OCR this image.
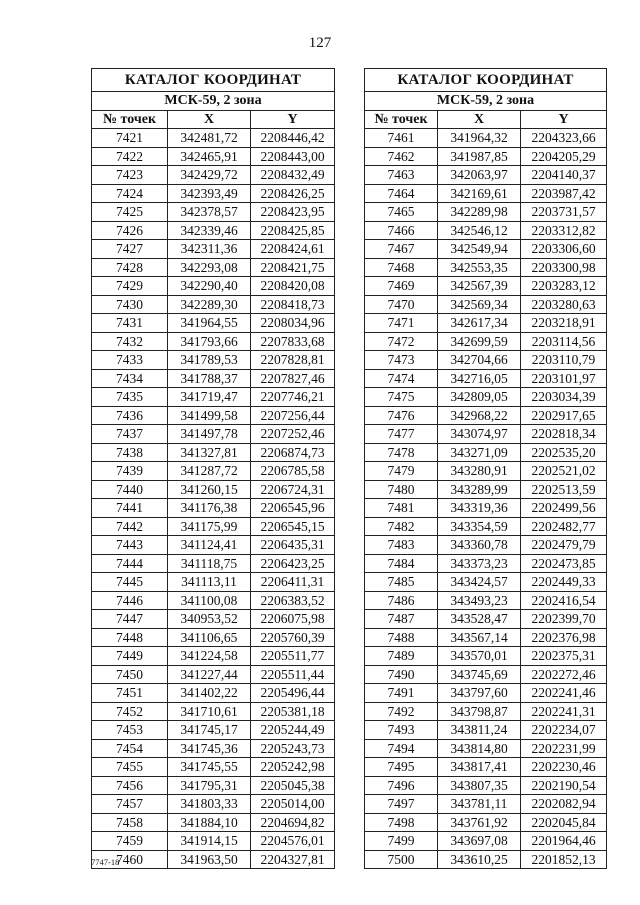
127
КАТАЛОГ КООРДИНАТ		
МСК-59, 2 зона		
№ точек	X	Y
7421	342481,72	2208446,42
7422	342465,91	2208443,00
7423	342429,72	2208432,49
7424	342393,49	2208426,25
7425	342378,57	2208423,95
7426	342339,46	2208425,85
7427	342311,36	2208424,61
7428	342293,08	2208421,75
7429	342290,40	2208420,08
7430	342289,30	2208418,73
7431	341964,55	2208034,96
7432	341793,66	2207833,68
7433	341789,53	2207828,81
7434	341788,37	2207827,46
7435	341719,47	2207746,21
7436	341499,58	2207256,44
7437	341497,78	2207252,46
7438	341327,81	2206874,73
7439	341287,72	2206785,58
7440	341260,15	2206724,31
7441	341176,38	2206545,96
7442	341175,99	2206545,15
7443	341124,41	2206435,31
7444	341118,75	2206423,25
7445	341113,11	2206411,31
7446	341100,08	2206383,52
7447	340953,52	2206075,98
7448	341106,65	2205760,39
7449	341224,58	2205511,77
7450	341227,44	2205511,44
7451	341402,22	2205496,44
7452	341710,61	2205381,18
7453	341745,17	2205244,49
7454	341745,36	2205243,73
7455	341745,55	2205242,98
7456	341795,31	2205045,38
7457	341803,33	2205014,00
7458	341884,10	2204694,82
7459	341914,15	2204576,01
7460	341963,50	2204327,81
КАТАЛОГ КООРДИНАТ		
МСК-59, 2 зона		
№ точек	X	Y
7461	341964,32	2204323,66
7462	341987,85	2204205,29
7463	342063,97	2204140,37
7464	342169,61	2203987,42
7465	342289,98	2203731,57
7466	342546,12	2203312,82
7467	342549,94	2203306,60
7468	342553,35	2203300,98
7469	342567,39	2203283,12
7470	342569,34	2203280,63
7471	342617,34	2203218,91
7472	342699,59	2203114,56
7473	342704,66	2203110,79
7474	342716,05	2203101,97
7475	342809,05	2203034,39
7476	342968,22	2202917,65
7477	343074,97	2202818,34
7478	343271,09	2202535,20
7479	343280,91	2202521,02
7480	343289,99	2202513,59
7481	343319,36	2202499,56
7482	343354,59	2202482,77
7483	343360,78	2202479,79
7484	343373,23	2202473,85
7485	343424,57	2202449,33
7486	343493,23	2202416,54
7487	343528,47	2202399,70
7488	343567,14	2202376,98
7489	343570,01	2202375,31
7490	343745,69	2202272,46
7491	343797,60	2202241,46
7492	343798,87	2202241,31
7493	343811,24	2202234,07
7494	343814,80	2202231,99
7495	343817,41	2202230,46
7496	343807,35	2202190,54
7497	343781,11	2202082,94
7498	343761,92	2202045,84
7499	343697,08	2201964,46
7500	343610,25	2201852,13
7747-18
